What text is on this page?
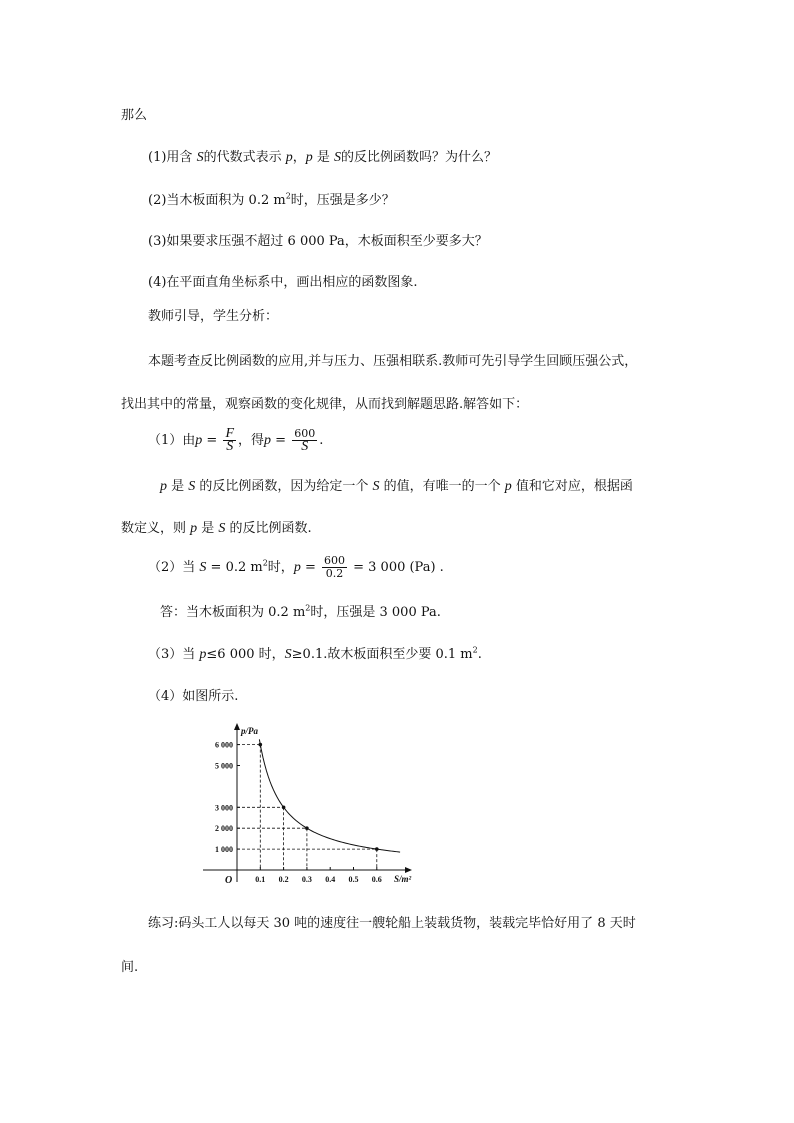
那么
(1)用含 S的代数式表示 p，p 是 S的反比例函数吗？为什么？
(2)当木板面积为 0.2 $m^2$时，压强是多少？
(3)如果要求压强不超过 6 000 Pa，木板面积至少要多大？
(4)在平面直角坐标系中，画出相应的函数图象.
教师引导，学生分析：
本题考查反比例函数的应用,并与压力、压强相联系.教师可先引导学生回顾压强公式，
找出其中的常量，观察函数的变化规律，从而找到解题思路.解答如下：
（1）由$p = \frac{F}{S}$ ，得$p = \frac{600}{S}$ .
p 是 S 的反比例函数，因为给定一个 S 的值，有唯一的一个 p 值和它对应，根据函
数定义，则 p 是 S 的反比例函数.
（2）当 S = 0.2 $m^2$时，$p = \frac{600}{0.2} = 3$ 000 (Pa) .
答：当木板面积为 0.2 $m^2$时，压强是 3 000 Pa.
（3）当 p≤6 000 时，S≥0.1.故木板面积至少要 0.1 $m^2$.
（4）如图所示.
0.1 0.2 0.3 0.4 0.5 0.6
1 000
2 000
3 000
5 000
6 000
p/Pa
S/m²
O
练习:码头工人以每天 30 吨的速度往一艘轮船上装载货物，装载完毕恰好用了 8 天时
间.
